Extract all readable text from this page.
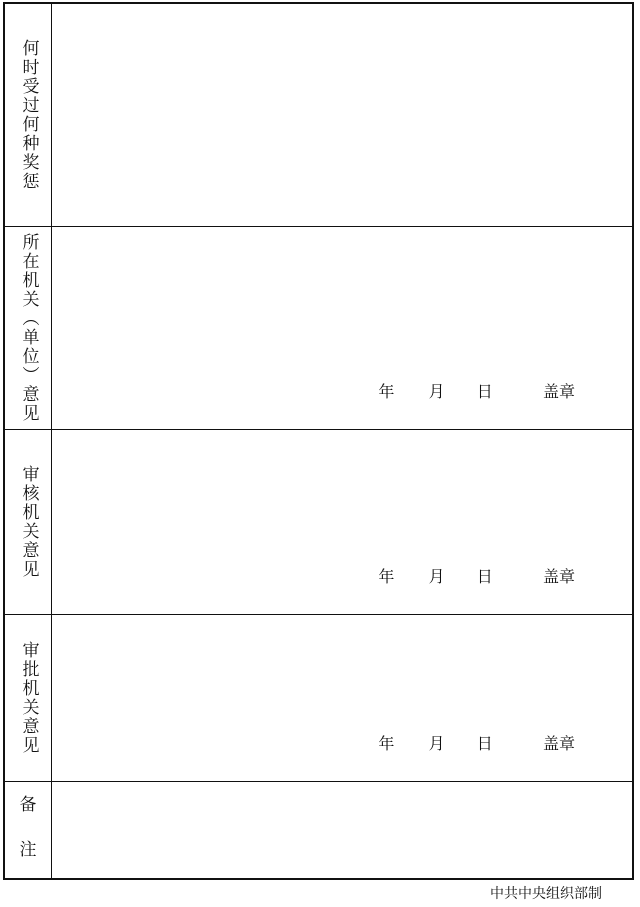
何时受过何种奖惩
所在机关︵单位︶意见	年 月 日	盖章
审核机关意见	年 月 日	盖章
审批机关意见	年 月 日	盖章
备
注
中共中央组织部制
